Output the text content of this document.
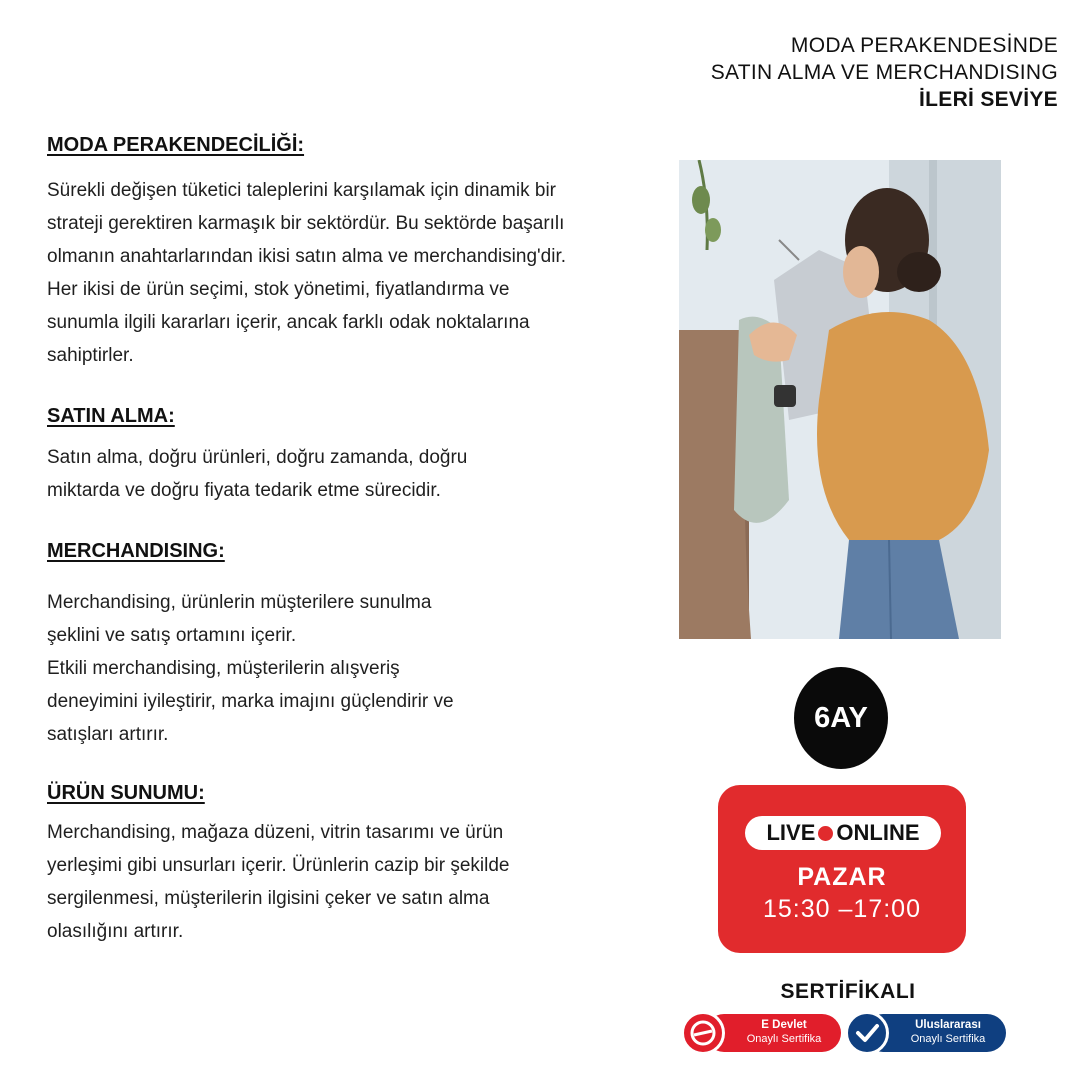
MODA PERAKENDESİNDE
SATIN ALMA VE MERCHANDISING
İLERİ SEVİYE
MODA PERAKENDECİLİĞİ:

Sürekli değişen tüketici taleplerini karşılamak için dinamik bir
strateji gerektiren karmaşık bir sektördür. Bu sektörde başarılı
olmanın anahtarlarından ikisi satın alma ve merchandising'dir.
Her ikisi de ürün seçimi, stok yönetimi, fiyatlandırma ve
sunumla ilgili kararları içerir, ancak farklı odak noktalarına
sahiptirler.

SATIN ALMA:

Satın alma, doğru ürünleri, doğru zamanda, doğru
miktarda ve doğru fiyata tedarik etme sürecidir.

MERCHANDISING:

Merchandising, ürünlerin müşterilere sunulma
şeklini ve satış ortamını içerir.
Etkili merchandising, müşterilerin alışveriş
deneyimini iyileştirir, marka imajını güçlendirir ve
satışları artırır.

ÜRÜN SUNUMU:

Merchandising, mağaza düzeni, vitrin tasarımı ve ürün
yerleşimi gibi unsurları içerir. Ürünlerin cazip bir şekilde
sergilenmesi, müşterilerin ilgisini çeker ve satın alma
olasılığını artırır.

6AY
LIVE ONLINE
PAZAR
15:30 –17:00
SERTİFİKALI
E Devlet
Onaylı Sertifika
Uluslararası
Onaylı Sertifika
